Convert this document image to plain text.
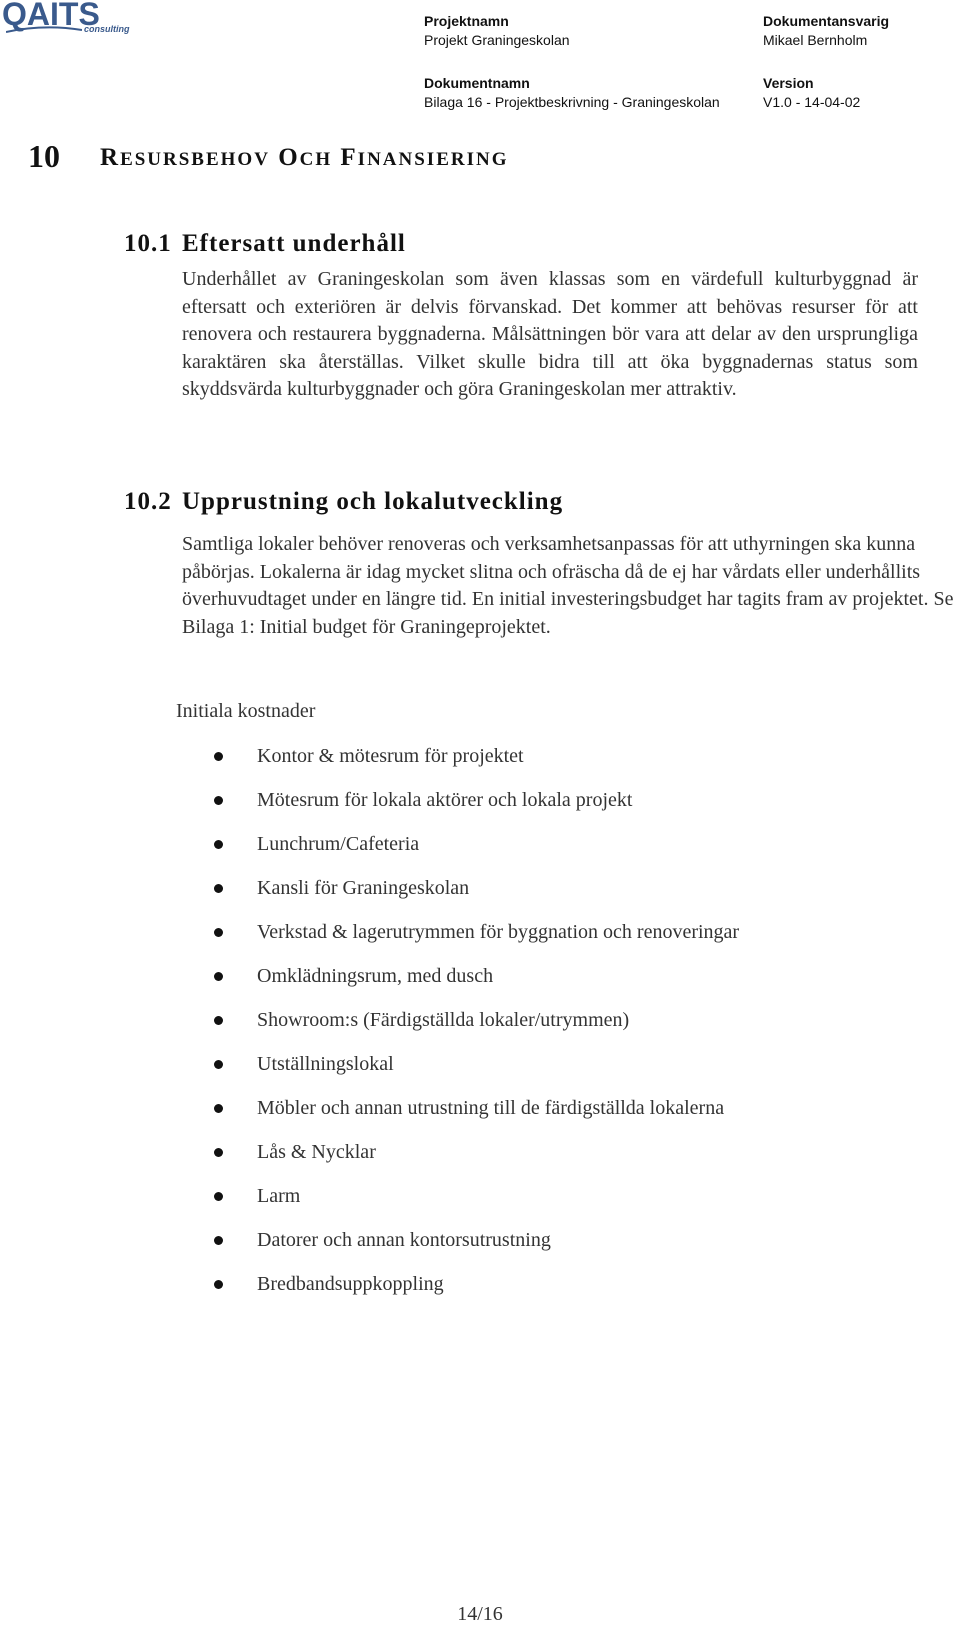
QAITS
consulting	Projektnamn
Projekt Graningeskolan
Dokumentansvarig
Mikael Bernholm
Dokumentnamn
Bilaga 16 - Projektbeskrivning - Graningeskolan
Version
V1.0 - 14-04-02
10 RESURSBEHOV OCH FINANSIERING
10.1 Eftersatt underhåll
Underhållet av Graningeskolan som även klassas som en värdefull kulturbyggnad är eftersatt och exteriören är delvis förvanskad. Det kommer att behövas resurser för att renovera och restaurera byggnaderna. Målsättningen bör vara att delar av den ursprungliga karaktären ska återställas. Vilket skulle bidra till att öka byggnadernas status som skyddsvärda kulturbyggnader och göra Graningeskolan mer attraktiv.
10.2 Upprustning och lokalutveckling
Samtliga lokaler behöver renoveras och verksamhetsanpassas för att uthyrningen ska kunna påbörjas. Lokalerna är idag mycket slitna och ofräscha då de ej har vårdats eller underhållits överhuvudtaget under en längre tid. En initial investeringsbudget har tagits fram av projektet. Se Bilaga 1: Initial budget för Graningeprojektet.
Initiala kostnader
Kontor & mötesrum för projektet
Mötesrum för lokala aktörer och lokala projekt
Lunchrum/Cafeteria
Kansli för Graningeskolan
Verkstad & lagerutrymmen för byggnation och renoveringar
Omklädningsrum, med dusch
Showroom:s (Färdigställda lokaler/utrymmen)
Utställningslokal
Möbler och annan utrustning till de färdigställda lokalerna
Lås & Nycklar
Larm
Datorer och annan kontorsutrustning
Bredbandsuppkoppling
14/16
